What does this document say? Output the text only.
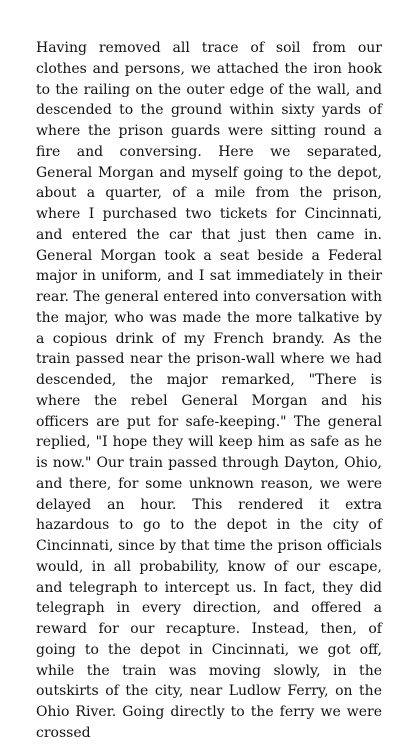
Having removed all trace of soil from our clothes and persons, we attached the iron hook to the railing on the outer edge of the wall, and descended to the ground within sixty yards of where the prison guards were sitting round a fire and conversing. Here we separated, General Morgan and myself going to the depot, about a quarter, of a mile from the prison, where I purchased two tickets for Cincinnati, and entered the car that just then came in. General Morgan took a seat beside a Federal major in uniform, and I sat immediately in their rear. The general entered into conversation with the major, who was made the more talkative by a copious drink of my French brandy. As the train passed near the prison-wall where we had descended, the major remarked, "There is where the rebel General Morgan and his officers are put for safe-keeping." The general replied, "I hope they will keep him as safe as he is now." Our train passed through Dayton, Ohio, and there, for some unknown reason, we were delayed an hour. This rendered it extra hazardous to go to the depot in the city of Cincinnati, since by that time the prison officials would, in all probability, know of our escape, and telegraph to intercept us. In fact, they did telegraph in every direction, and offered a reward for our recapture. Instead, then, of going to the depot in Cincinnati, we got off, while the train was moving slowly, in the outskirts of the city, near Ludlow Ferry, on the Ohio River. Going directly to the ferry we were crossed
